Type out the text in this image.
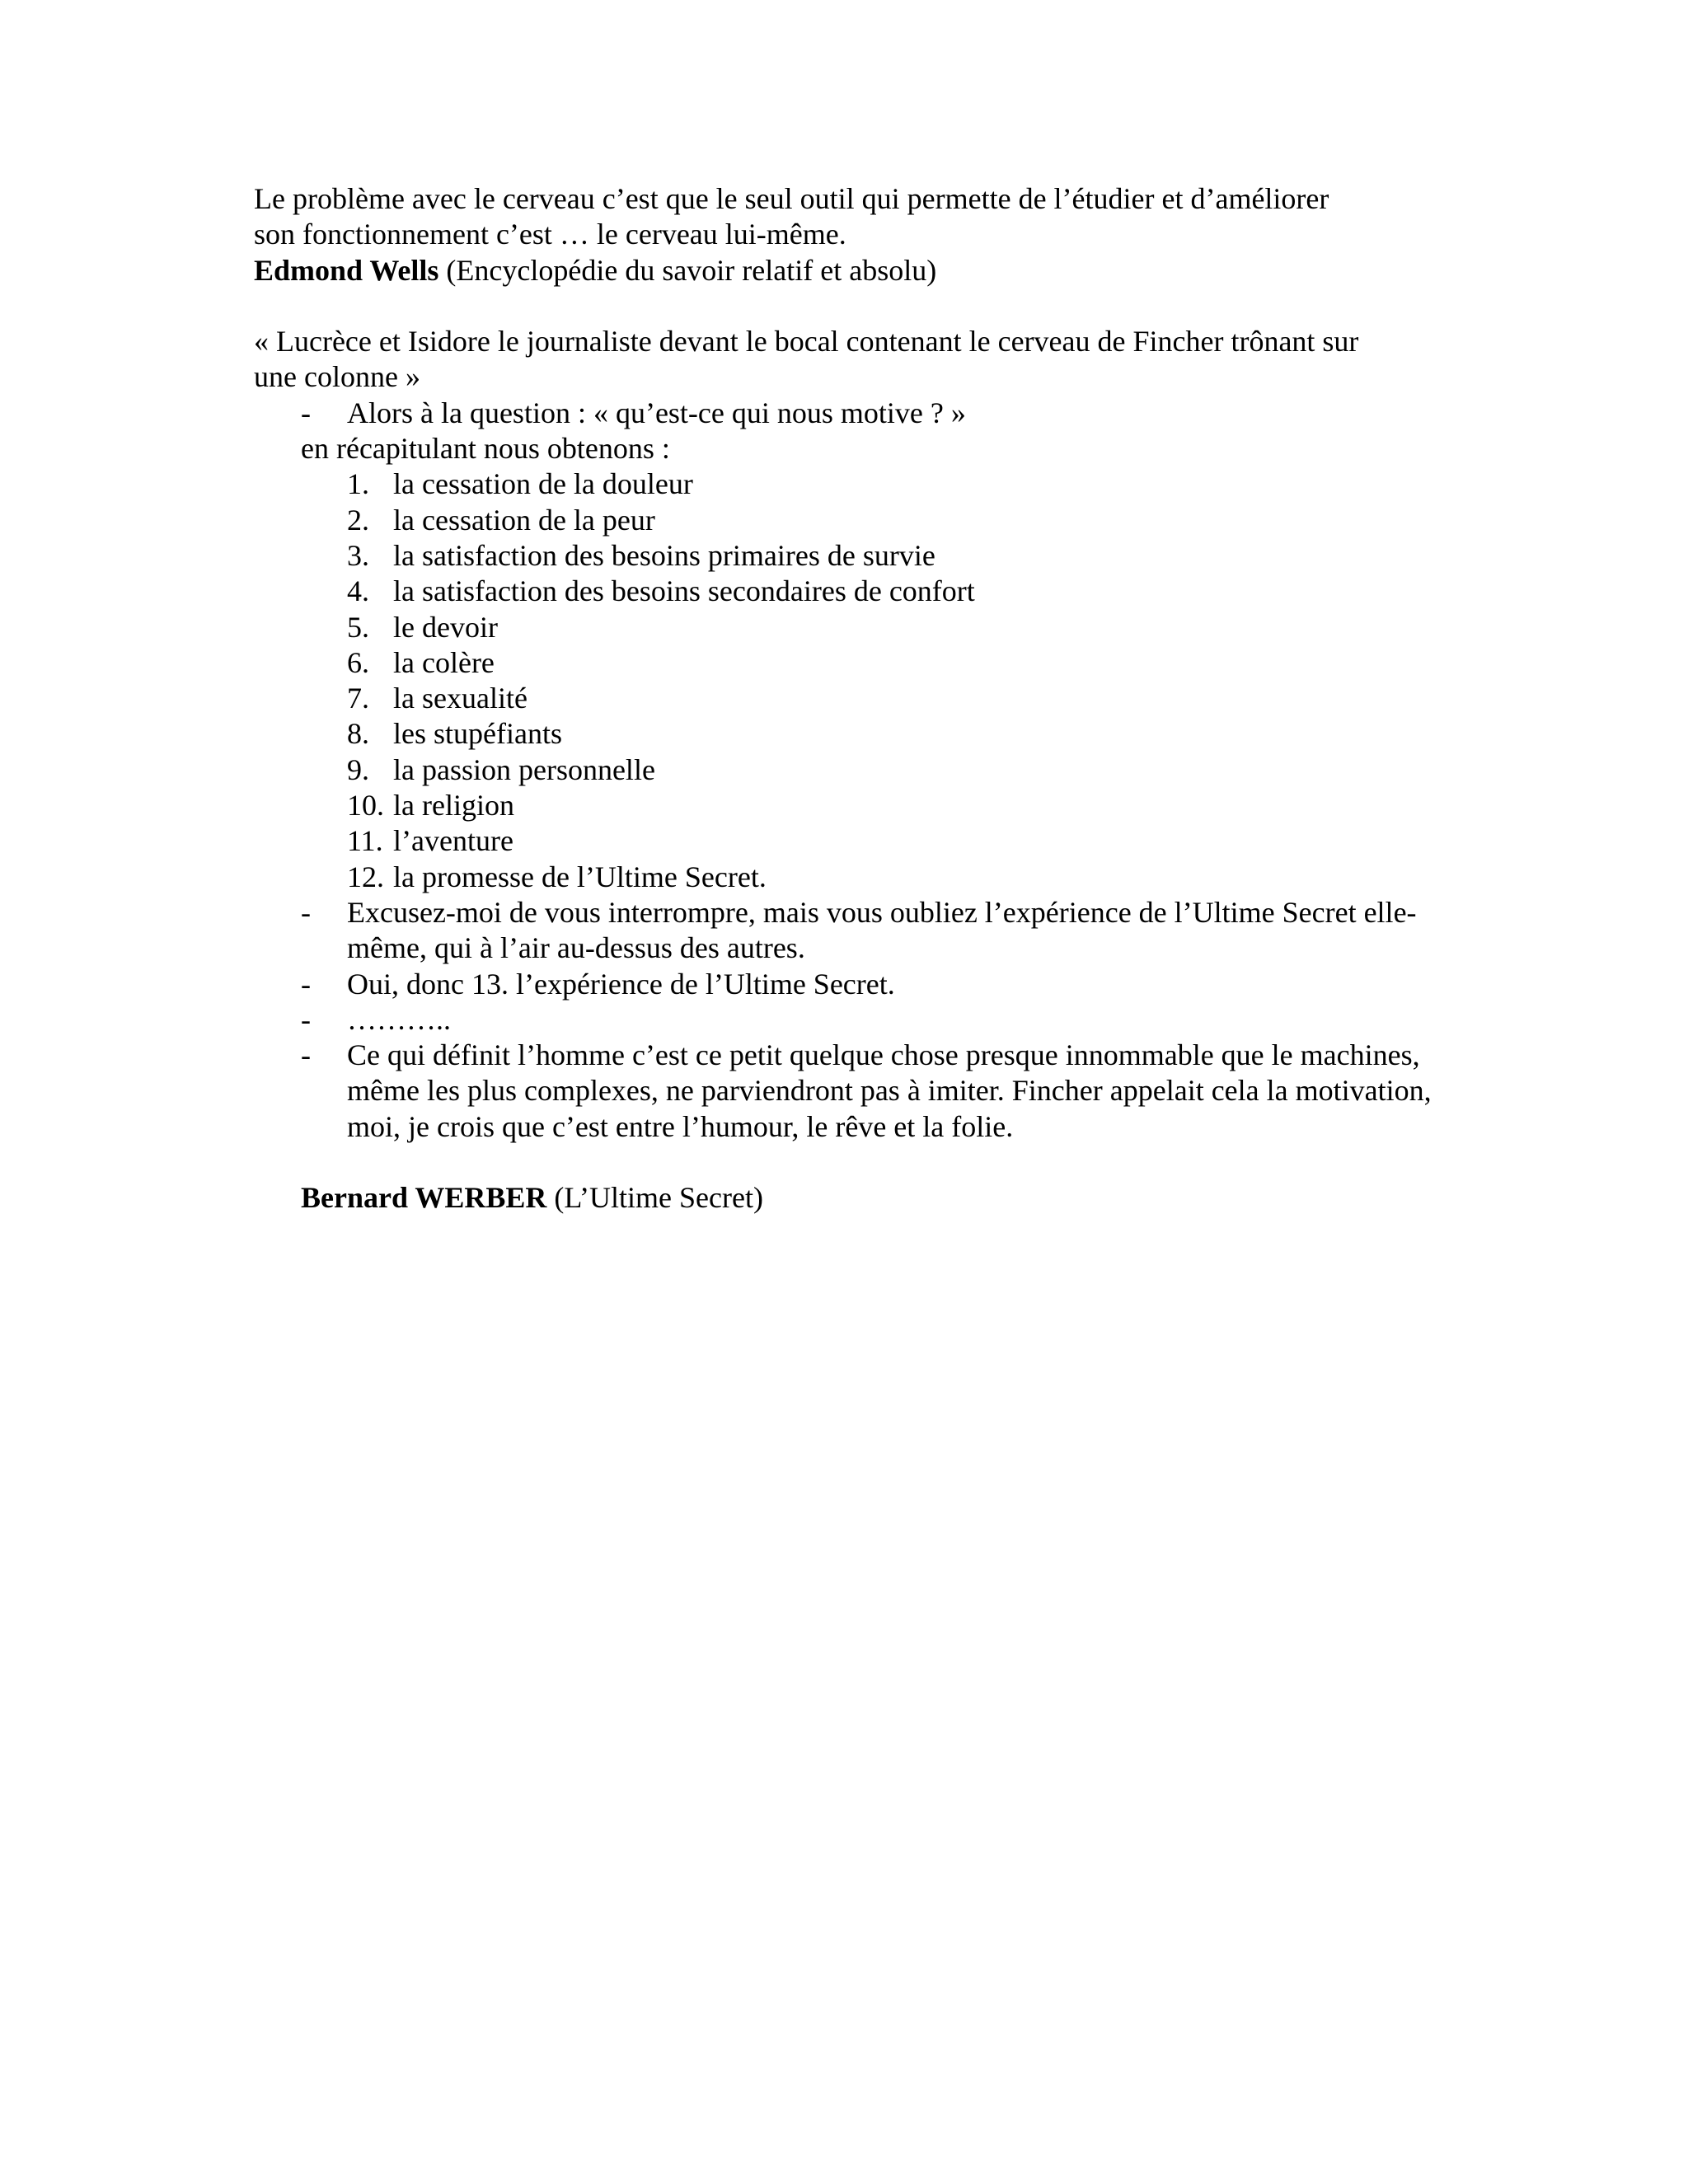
Le problème avec le cerveau c’est que le seul outil qui permette de l’étudier et d’améliorer
son fonctionnement c’est … le cerveau lui-même.
Edmond Wells (Encyclopédie du savoir relatif et absolu)
« Lucrèce et Isidore le journaliste devant le bocal contenant le cerveau de Fincher trônant sur
une colonne »
- Alors à la question : « qu’est-ce qui nous motive ? »
en récapitulant nous obtenons :
1. la cessation de la douleur
2. la cessation de la peur
3. la satisfaction des besoins primaires de survie
4. la satisfaction des besoins secondaires de confort
5. le devoir
6. la colère
7. la sexualité
8. les stupéfiants
9. la passion personnelle
10. la religion
11. l’aventure
12. la promesse de l’Ultime Secret.
- Excusez-moi de vous interrompre, mais vous oubliez l’expérience de l’Ultime Secret elle-même, qui à l’air au-dessus des autres.
- Oui, donc 13. l’expérience de l’Ultime Secret.
- ………..
- Ce qui définit l’homme c’est ce petit quelque chose presque innommable que le machines, même les plus complexes, ne parviendront pas à imiter. Fincher appelait cela la motivation, moi, je crois que c’est entre l’humour, le rêve et la folie.
Bernard WERBER (L’Ultime Secret)
